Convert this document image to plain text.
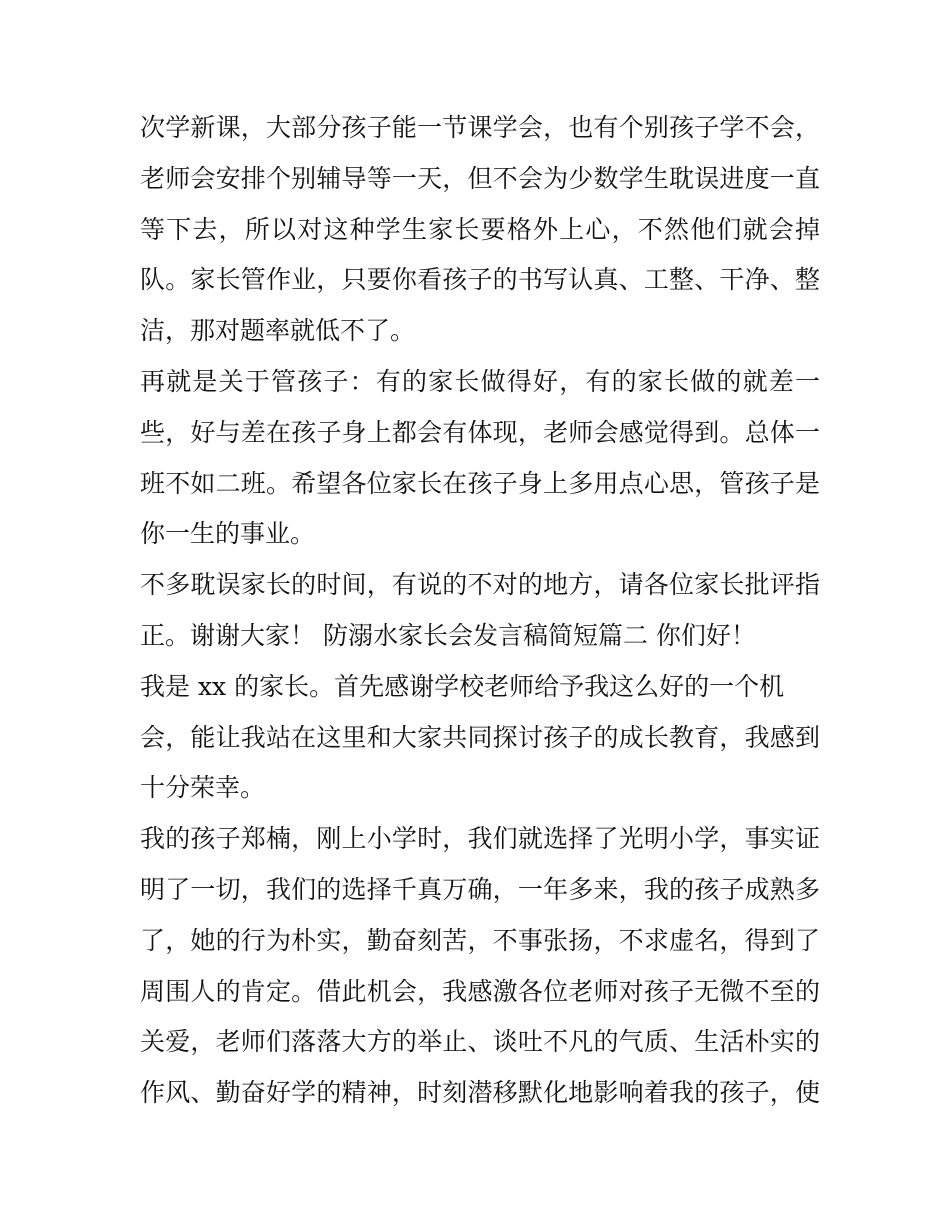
次学新课，大部分孩子能一节课学会，也有个别孩子学不会，
老师会安排个别辅导等一天，但不会为少数学生耽误进度一直
等下去，所以对这种学生家长要格外上心，不然他们就会掉
队。家长管作业，只要你看孩子的书写认真、工整、干净、整
洁，那对题率就低不了。
再就是关于管孩子：有的家长做得好，有的家长做的就差一
些，好与差在孩子身上都会有体现，老师会感觉得到。总体一
班不如二班。希望各位家长在孩子身上多用点心思，管孩子是
你一生的事业。
不多耽误家长的时间，有说的不对的地方，请各位家长批评指
正。谢谢大家！ 防溺水家长会发言稿简短篇二 你们好！
我是 xx 的家长。首先感谢学校老师给予我这么好的一个机
会，能让我站在这里和大家共同探讨孩子的成长教育，我感到
十分荣幸。
我的孩子郑楠，刚上小学时，我们就选择了光明小学，事实证
明了一切，我们的选择千真万确，一年多来，我的孩子成熟多
了，她的行为朴实，勤奋刻苦，不事张扬，不求虚名，得到了
周围人的肯定。借此机会，我感激各位老师对孩子无微不至的
关爱，老师们落落大方的举止、谈吐不凡的气质、生活朴实的
作风、勤奋好学的精神，时刻潜移默化地影响着我的孩子，使
